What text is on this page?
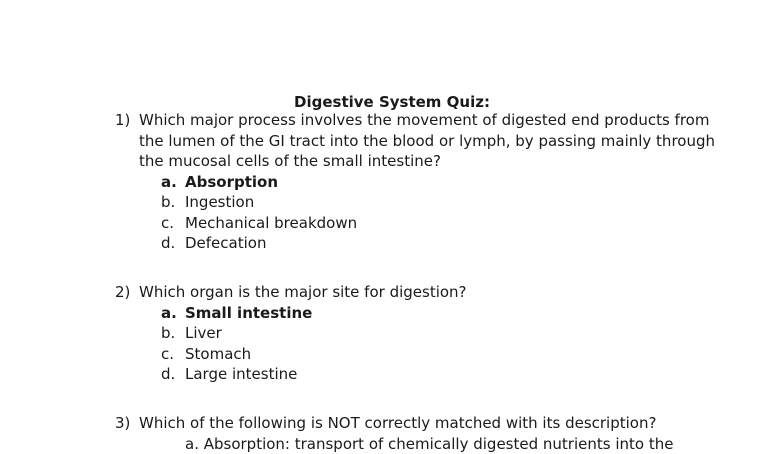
Digestive System Quiz:
1) Which major process involves the movement of digested end products from the lumen of the GI tract into the blood or lymph, by passing mainly through the mucosal cells of the small intestine?
a. Absorption
b. Ingestion
c. Mechanical breakdown
d. Defecation
2) Which organ is the major site for digestion?
a. Small intestine
b. Liver
c. Stomach
d. Large intestine
3) Which of the following is NOT correctly matched with its description?
a. Absorption: transport of chemically digested nutrients into the
